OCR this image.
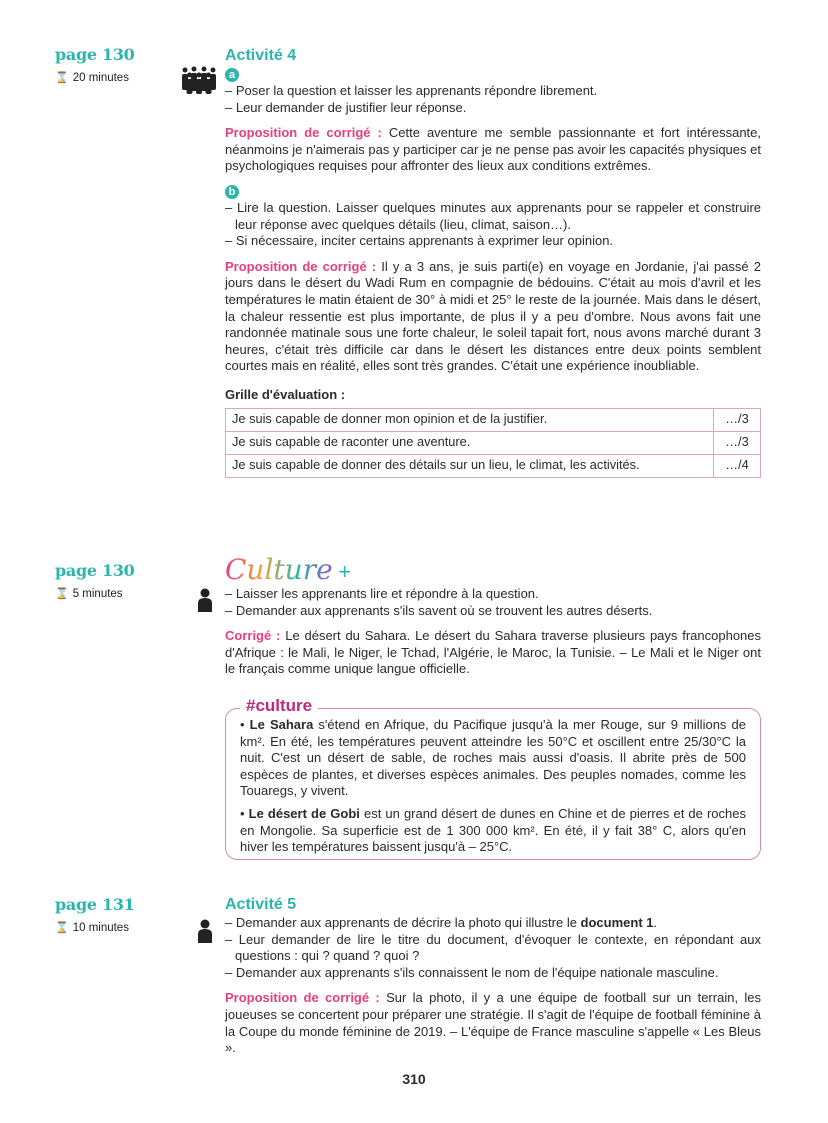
page 130
⌛ 20 minutes
Activité 4
a

– Poser la question et laisser les apprenants répondre librement.

– Leur demander de justifier leur réponse.

Proposition de corrigé : Cette aventure me semble passionnante et fort intéressante, néanmoins je n'aimerais pas y participer car je ne pense pas avoir les capacités physiques et psychologiques requises pour affronter des lieux aux conditions extrêmes.

b

– Lire la question. Laisser quelques minutes aux apprenants pour se rappeler et construire leur réponse avec quelques détails (lieu, climat, saison…).

– Si nécessaire, inciter certains apprenants à exprimer leur opinion.

Proposition de corrigé : Il y a 3 ans, je suis parti(e) en voyage en Jordanie, j'ai passé 2 jours dans le désert du Wadi Rum en compagnie de bédouins. C'était au mois d'avril et les températures le matin étaient de 30° à midi et 25° le reste de la journée. Mais dans le désert, la chaleur ressentie est plus importante, de plus il y a peu d'ombre. Nous avons fait une randonnée matinale sous une forte chaleur, le soleil tapait fort, nous avons marché durant 3 heures, c'était très difficile car dans le désert les distances entre deux points semblent courtes mais en réalité, elles sont très grandes. C'était une expérience inoubliable.

Grille d'évaluation :
Je suis capable de donner mon opinion et de la justifier.	…/3
Je suis capable de raconter une aventure.	…/3
Je suis capable de donner des détails sur un lieu, le climat, les activités.	…/4
page 130
⌛ 5 minutes
Culture +

– Laisser les apprenants lire et répondre à la question.

– Demander aux apprenants s'ils savent où se trouvent les autres déserts.

Corrigé : Le désert du Sahara. Le désert du Sahara traverse plusieurs pays francophones d'Afrique : le Mali, le Niger, le Tchad, l'Algérie, le Maroc, la Tunisie. – Le Mali et le Niger ont le français comme unique langue officielle.

#culture

• Le Sahara s'étend en Afrique, du Pacifique jusqu'à la mer Rouge, sur 9 millions de km². En été, les températures peuvent atteindre les 50°C et oscillent entre 25/30°C la nuit. C'est un désert de sable, de roches mais aussi d'oasis. Il abrite près de 500 espèces de plantes, et diverses espèces animales. Des peuples nomades, comme les Touaregs, y vivent.

• Le désert de Gobi est un grand désert de dunes en Chine et de pierres et de roches en Mongolie. Sa superficie est de 1 300 000 km². En été, il y fait 38° C, alors qu'en hiver les températures baissent jusqu'à – 25°C.

page 131
⌛ 10 minutes
Activité 5

– Demander aux apprenants de décrire la photo qui illustre le document 1.

– Leur demander de lire le titre du document, d'évoquer le contexte, en répondant aux questions : qui ? quand ? quoi ?

– Demander aux apprenants s'ils connaissent le nom de l'équipe nationale masculine.

Proposition de corrigé : Sur la photo, il y a une équipe de football sur un terrain, les joueuses se concertent pour préparer une stratégie. Il s'agit de l'équipe de football féminine à la Coupe du monde féminine de 2019. – L'équipe de France masculine s'appelle « Les Bleus ».

310
